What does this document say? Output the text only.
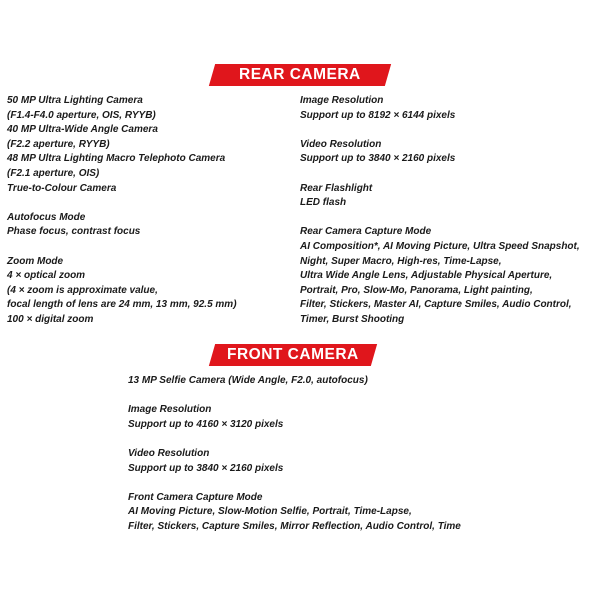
REAR CAMERA
50 MP Ultra Lighting Camera
(F1.4-F4.0 aperture, OIS, RYYB)
40 MP Ultra-Wide Angle Camera
(F2.2 aperture, RYYB)
48 MP Ultra Lighting Macro Telephoto Camera
(F2.1 aperture, OIS)
True-to-Colour Camera
Autofocus Mode
Phase focus, contrast focus
Zoom Mode
4 × optical zoom
(4 × zoom is approximate value,
focal length of lens are 24 mm, 13 mm, 92.5 mm)
100 × digital zoom
Image Resolution
Support up to 8192 × 6144 pixels
Video Resolution
Support up to 3840 × 2160 pixels
Rear Flashlight
LED flash
Rear Camera Capture Mode
AI Composition*, AI Moving Picture, Ultra Speed Snapshot,
Night, Super Macro, High-res, Time-Lapse,
Ultra Wide Angle Lens, Adjustable Physical Aperture,
Portrait, Pro, Slow-Mo, Panorama, Light painting,
Filter, Stickers, Master AI, Capture Smiles, Audio Control,
Timer, Burst Shooting
FRONT CAMERA
13 MP Selfie Camera (Wide Angle, F2.0, autofocus)
Image Resolution
Support up to 4160 × 3120 pixels
Video Resolution
Support up to 3840 × 2160 pixels
Front Camera Capture Mode
AI Moving Picture, Slow-Motion Selfie, Portrait, Time-Lapse,
Filter, Stickers, Capture Smiles, Mirror Reflection, Audio Control, Time
